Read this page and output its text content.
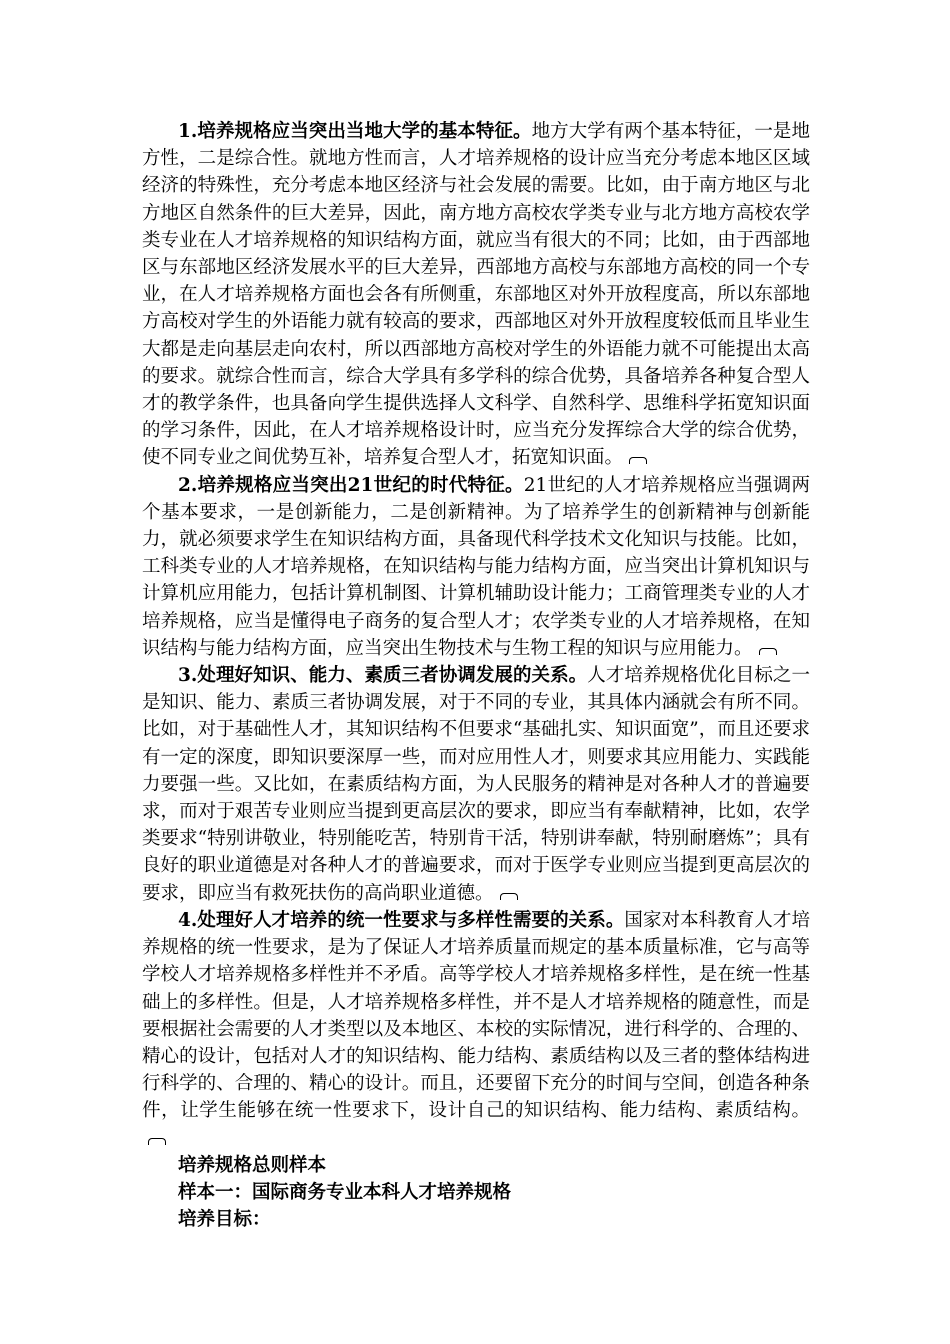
1.培养规格应当突出当地大学的基本特征。地方大学有两个基本特征，一是地方性，二是综合性。就地方性而言，人才培养规格的设计应当充分考虑本地区区域经济的特殊性，充分考虑本地区经济与社会发展的需要。比如，由于南方地区与北方地区自然条件的巨大差异，因此，南方地方高校农学类专业与北方地方高校农学类专业在人才培养规格的知识结构方面，就应当有很大的不同；比如，由于西部地区与东部地区经济发展水平的巨大差异，西部地方高校与东部地方高校的同一个专业，在人才培养规格方面也会各有所侧重，东部地区对外开放程度高，所以东部地方高校对学生的外语能力就有较高的要求，西部地区对外开放程度较低而且毕业生大都是走向基层走向农村，所以西部地方高校对学生的外语能力就不可能提出太高的要求。就综合性而言，综合大学具有多学科的综合优势，具备培养各种复合型人才的教学条件，也具备向学生提供选择人文科学、自然科学、思维科学拓宽知识面的学习条件，因此，在人才培养规格设计时，应当充分发挥综合大学的综合优势，使不同专业之间优势互补，培养复合型人才，拓宽知识面。

2.培养规格应当突出21世纪的时代特征。21世纪的人才培养规格应当强调两个基本要求，一是创新能力，二是创新精神。为了培养学生的创新精神与创新能力，就必须要求学生在知识结构方面，具备现代科学技术文化知识与技能。比如，工科类专业的人才培养规格，在知识结构与能力结构方面，应当突出计算机知识与计算机应用能力，包括计算机制图、计算机辅助设计能力；工商管理类专业的人才培养规格，应当是懂得电子商务的复合型人才；农学类专业的人才培养规格，在知识结构与能力结构方面，应当突出生物技术与生物工程的知识与应用能力。

3.处理好知识、能力、素质三者协调发展的关系。人才培养规格优化目标之一是知识、能力、素质三者协调发展，对于不同的专业，其具体内涵就会有所不同。比如，对于基础性人才，其知识结构不但要求“基础扎实、知识面宽”，而且还要求有一定的深度，即知识要深厚一些，而对应用性人才，则要求其应用能力、实践能力要强一些。又比如，在素质结构方面，为人民服务的精神是对各种人才的普遍要求，而对于艰苦专业则应当提到更高层次的要求，即应当有奉献精神，比如，农学类要求“特别讲敬业，特别能吃苦，特别肯干活，特别讲奉献，特别耐磨炼”；具有良好的职业道德是对各种人才的普遍要求，而对于医学专业则应当提到更高层次的要求，即应当有救死扶伤的高尚职业道德。

4.处理好人才培养的统一性要求与多样性需要的关系。国家对本科教育人才培养规格的统一性要求，是为了保证人才培养质量而规定的基本质量标准，它与高等学校人才培养规格多样性并不矛盾。高等学校人才培养规格多样性，是在统一性基础上的多样性。但是，人才培养规格多样性，并不是人才培养规格的随意性，而是要根据社会需要的人才类型以及本地区、本校的实际情况，进行科学的、合理的、精心的设计，包括对人才的知识结构、能力结构、素质结构以及三者的整体结构进行科学的、合理的、精心的设计。而且，还要留下充分的时间与空间，创造各种条件，让学生能够在统一性要求下，设计自己的知识结构、能力结构、素质结构。

培养规格总则样本

样本一：国际商务专业本科人才培养规格

培养目标：
